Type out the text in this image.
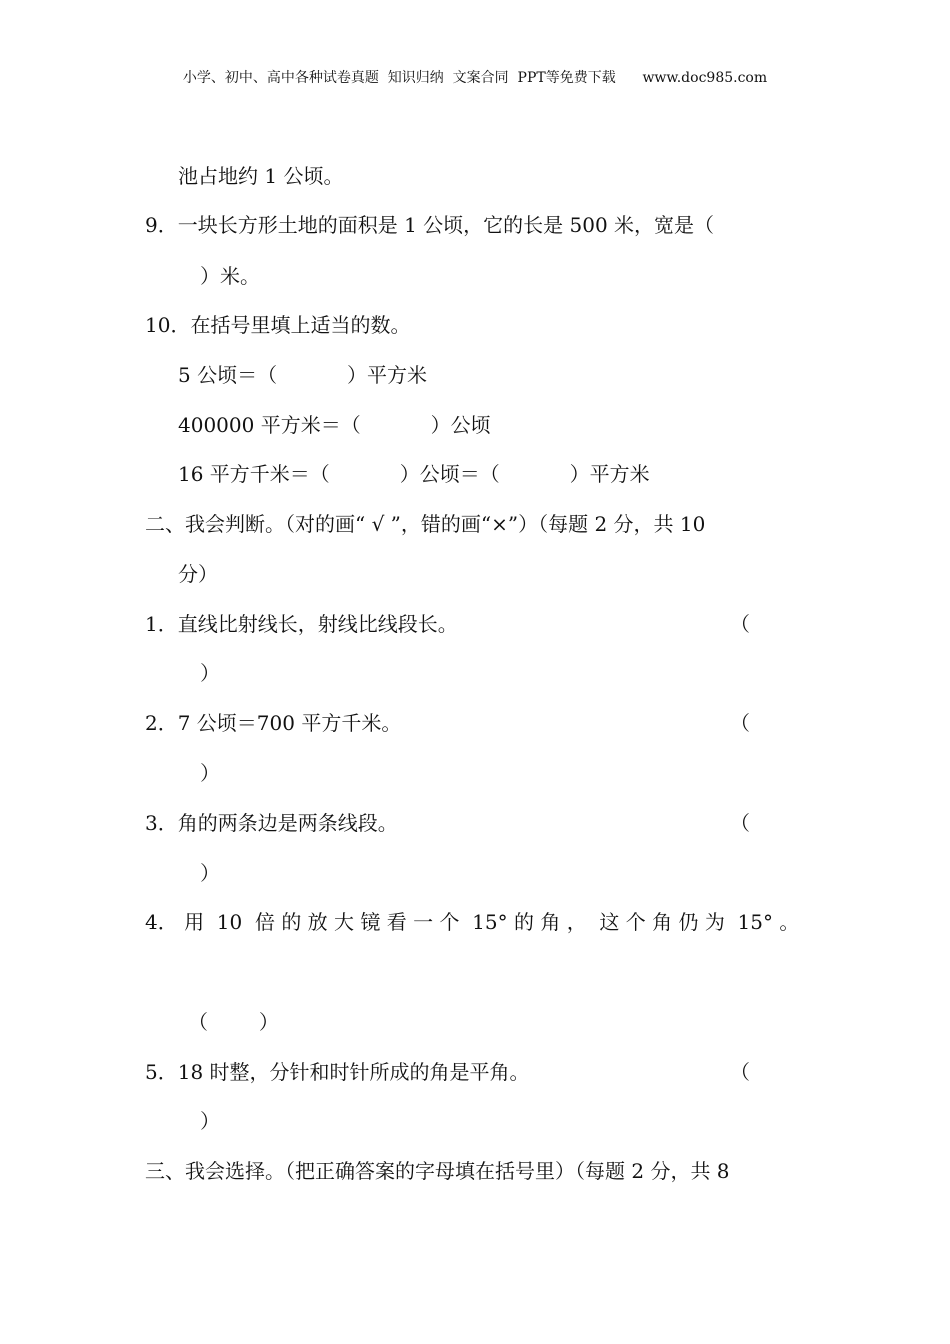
小学、初中、高中各种试卷真题  知识归纳  文案合同  PPT等免费下载      www.doc985.com
池占地约 1 公顷。
9．一块长方形土地的面积是 1 公顷，它的长是 500 米，宽是（
）米。
10．在括号里填上适当的数。
5 公顷＝（           ）平方米
400000 平方米＝（           ）公顷
16 平方千米＝（           ）公顷＝（           ）平方米
二、我会判断。（对的画“ √ ”，错的画“×”）（每题 2 分，共 10
分）
1．直线比射线长，射线比线段长。	（
）
2．7 公顷＝700 平方千米。	（
）
3．角的两条边是两条线段。	（
）
4． 用  10  倍 的 放 大 镜 看 一 个  15° 的 角 ，  这 个 角 仍 为  15° 。
（        ）
5．18 时整，分针和时针所成的角是平角。	（
）
三、我会选择。（把正确答案的字母填在括号里）（每题 2 分，共 8
